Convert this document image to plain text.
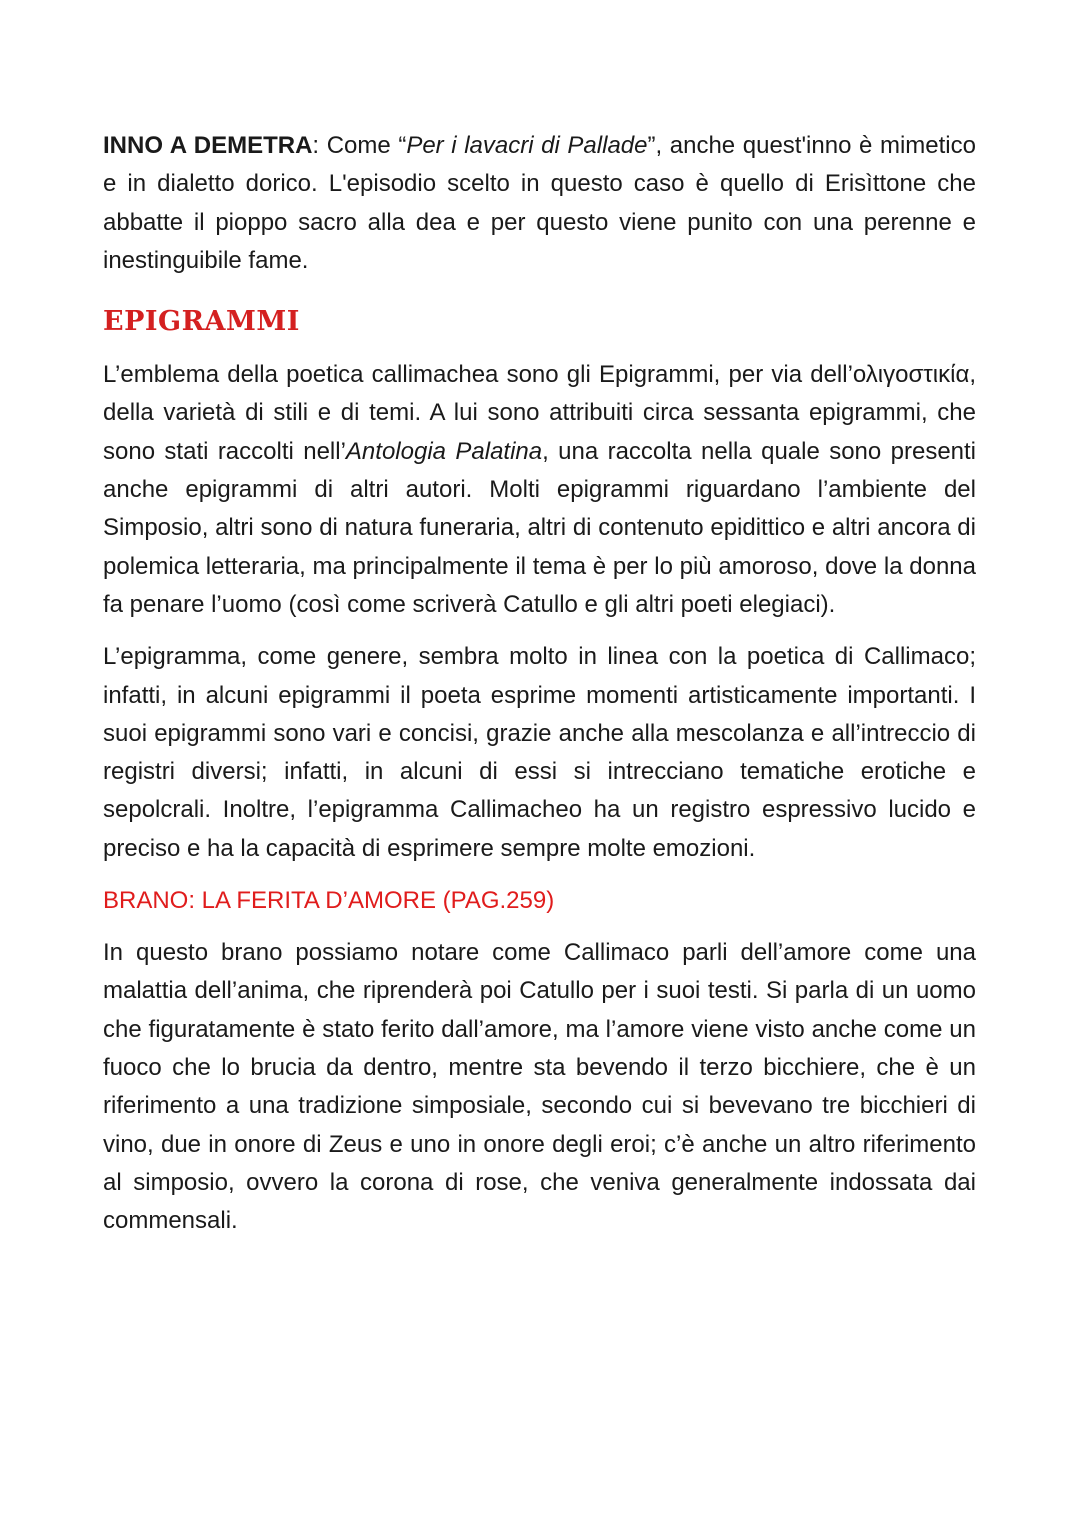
INNO A DEMETRA: Come “Per i lavacri di Pallade”, anche quest'inno è mimetico e in dialetto dorico. L'episodio scelto in questo caso è quello di Erisìttone che abbatte il pioppo sacro alla dea e per questo viene punito con una perenne e inestinguibile fame.

EPIGRAMMI

L’emblema della poetica callimachea sono gli Epigrammi, per via dell’ολιγοστικία, della varietà di stili e di temi. A lui sono attribuiti circa sessanta epigrammi, che sono stati raccolti nell’Antologia Palatina, una raccolta nella quale sono presenti anche epigrammi di altri autori. Molti epigrammi riguardano l’ambiente del Simposio, altri sono di natura funeraria, altri di contenuto epidittico e altri ancora di polemica letteraria, ma principalmente il tema è per lo più amoroso, dove la donna fa penare l’uomo (così come scriverà Catullo e gli altri poeti elegiaci).

L’epigramma, come genere, sembra molto in linea con la poetica di Callimaco; infatti, in alcuni epigrammi il poeta esprime momenti artisticamente importanti. I suoi epigrammi sono vari e concisi, grazie anche alla mescolanza e all’intreccio di registri diversi; infatti, in alcuni di essi si intrecciano tematiche erotiche e sepolcrali. Inoltre, l’epigramma Callimacheo ha un registro espressivo lucido e preciso e ha la capacità di esprimere sempre molte emozioni.

BRANO: LA FERITA D’AMORE (PAG.259)

In questo brano possiamo notare come Callimaco parli dell’amore come una malattia dell’anima, che riprenderà poi Catullo per i suoi testi. Si parla di un uomo che figuratamente è stato ferito dall’amore, ma l’amore viene visto anche come un fuoco che lo brucia da dentro, mentre sta bevendo il terzo bicchiere, che è un riferimento a una tradizione simposiale, secondo cui si bevevano tre bicchieri di vino, due in onore di Zeus e uno in onore degli eroi; c’è anche un altro riferimento al simposio, ovvero la corona di rose, che veniva generalmente indossata dai commensali.
